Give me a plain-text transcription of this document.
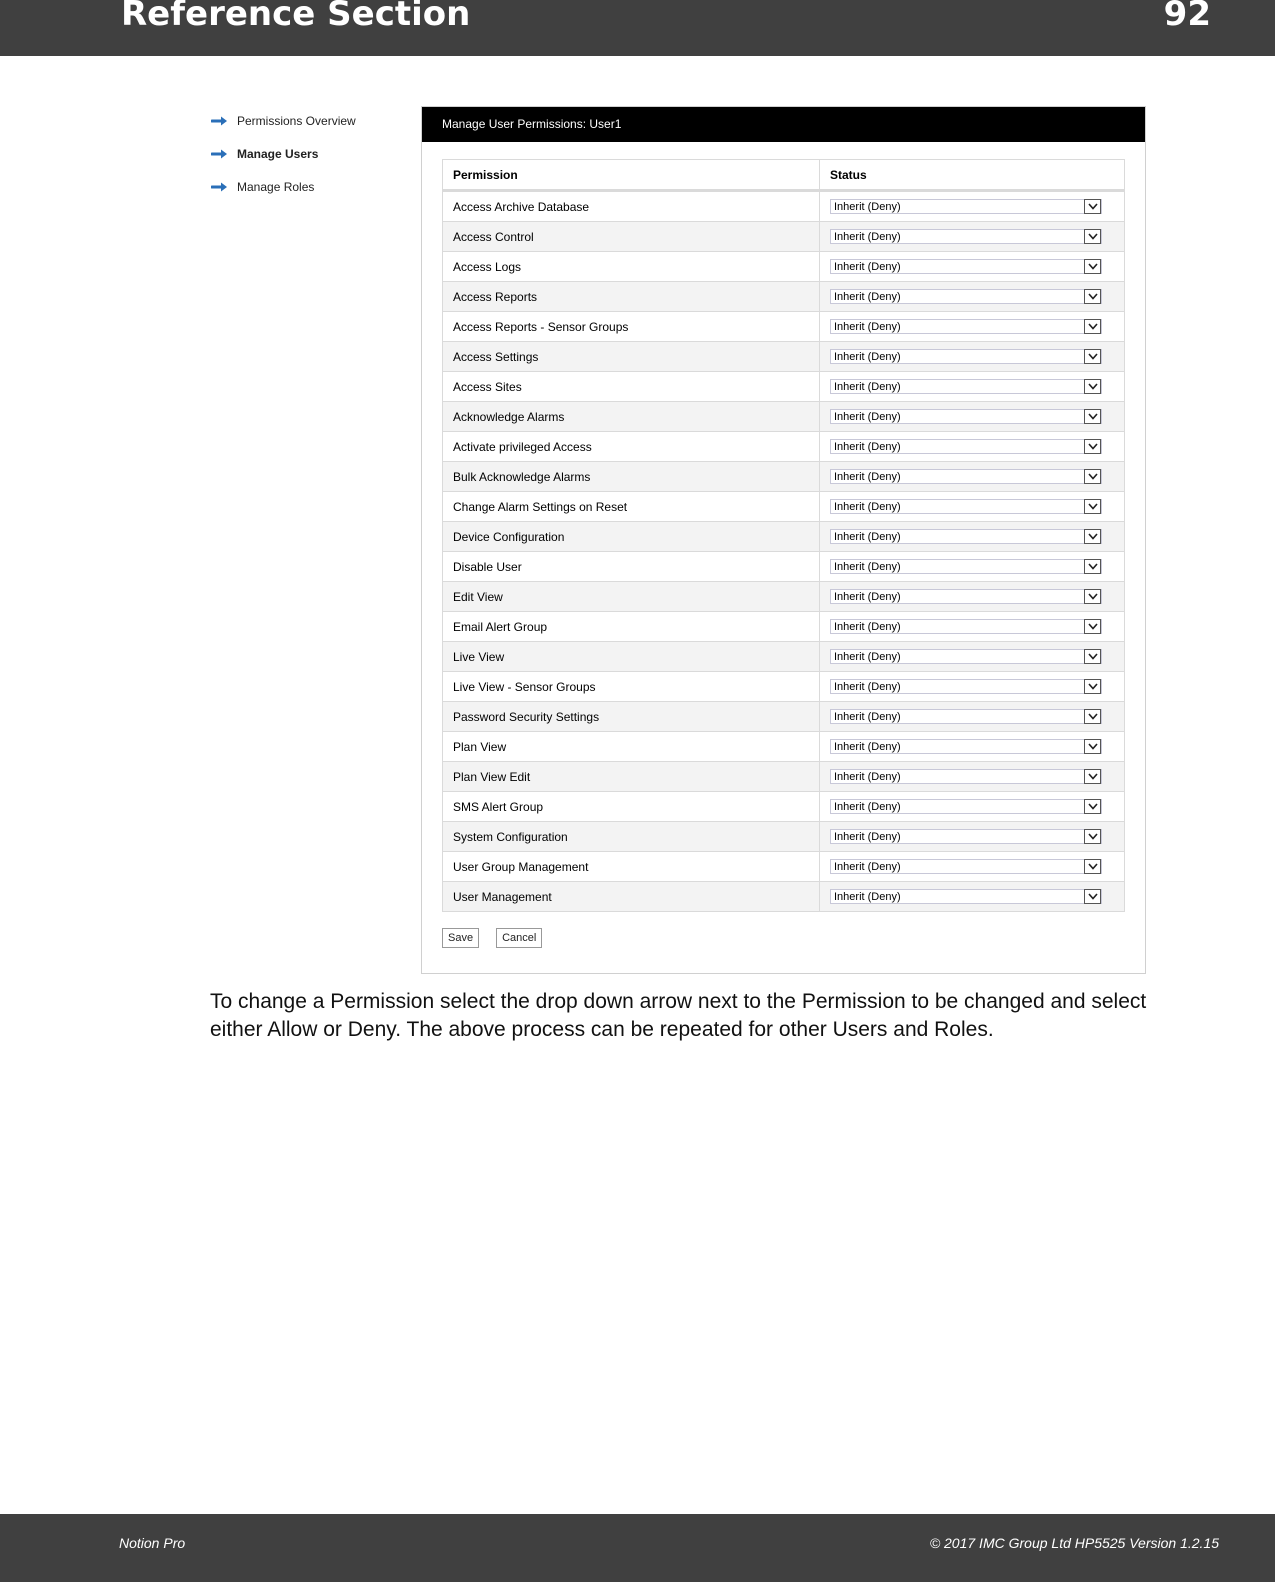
Reference Section	92
Permissions Overview
Manage Users
Manage Roles
Manage User Permissions: User1
Permission	Status
Access Archive Database	Inherit (Deny)

Access Control	Inherit (Deny)

Access Logs	Inherit (Deny)

Access Reports	Inherit (Deny)

Access Reports - Sensor Groups	Inherit (Deny)

Access Settings	Inherit (Deny)

Access Sites	Inherit (Deny)

Acknowledge Alarms	Inherit (Deny)

Activate privileged Access	Inherit (Deny)

Bulk Acknowledge Alarms	Inherit (Deny)

Change Alarm Settings on Reset	Inherit (Deny)

Device Configuration	Inherit (Deny)

Disable User	Inherit (Deny)

Edit View	Inherit (Deny)

Email Alert Group	Inherit (Deny)

Live View	Inherit (Deny)

Live View - Sensor Groups	Inherit (Deny)

Password Security Settings	Inherit (Deny)

Plan View	Inherit (Deny)

Plan View Edit	Inherit (Deny)

SMS Alert Group	Inherit (Deny)

System Configuration	Inherit (Deny)

User Group Management	Inherit (Deny)

User Management	Inherit (Deny)
Save	Cancel
To change a Permission select the drop down arrow next to the Permission to be changed and select either Allow or Deny. The above process can be repeated for other Users and Roles.
Notion Pro	© 2017 IMC Group Ltd HP5525 Version 1.2.15
